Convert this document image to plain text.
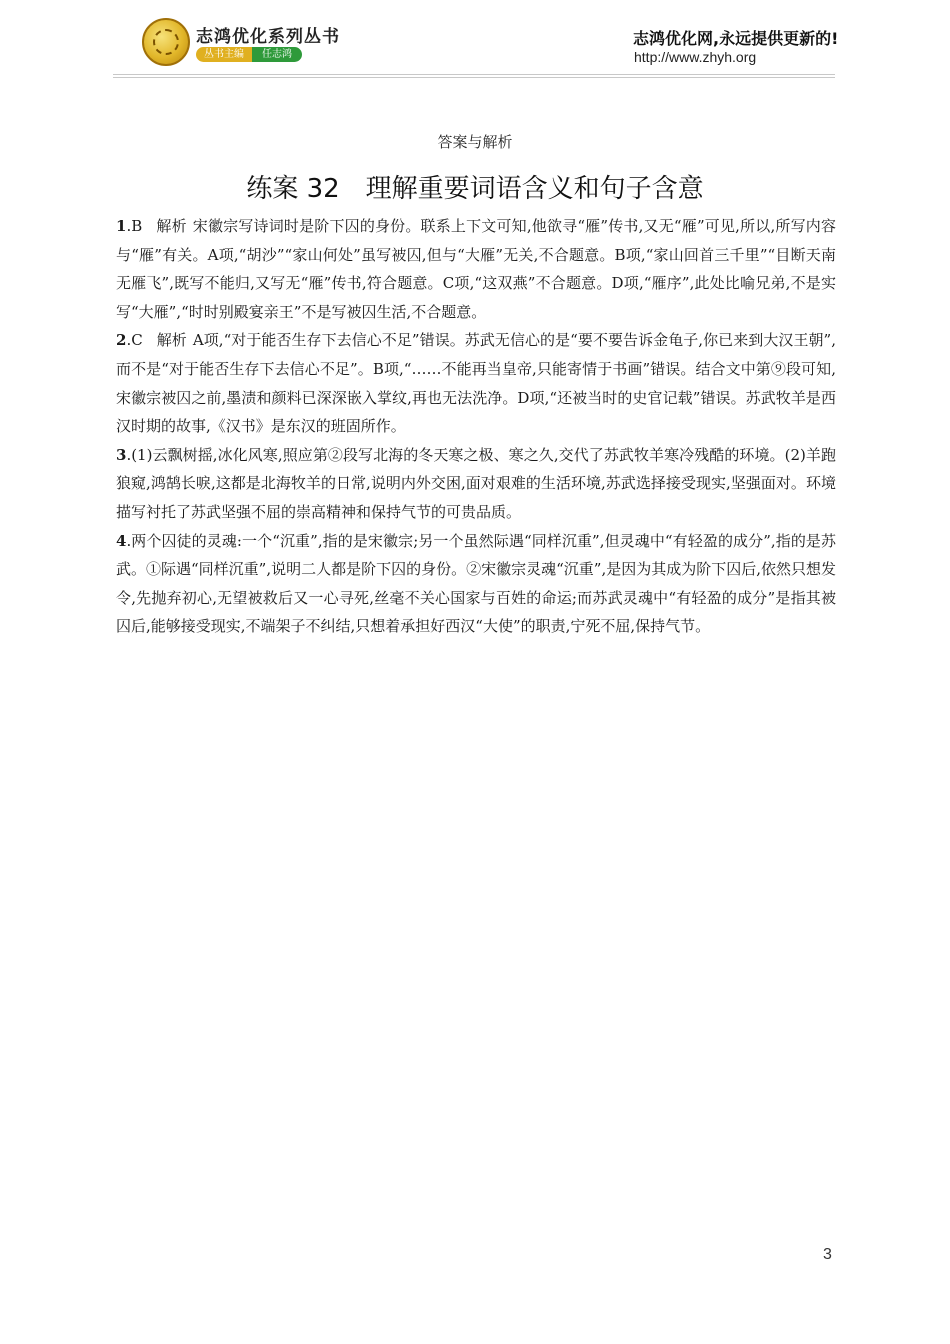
志鸿优化系列丛书
丛书主编	任志鸿
志鸿优化网,永远提供更新的!
http://www.zhyh.org
答案与解析
练案 32　理解重要词语含义和句子含意

1.B 解析 宋徽宗写诗词时是阶下囚的身份。联系上下文可知,他欲寻“雁”传书,又无“雁”可见,所以,所写内容与“雁”有关。A项,“胡沙”“家山何处”虽写被囚,但与“大雁”无关,不合题意。B项,“家山回首三千里”“目断天南无雁飞”,既写不能归,又写无“雁”传书,符合题意。C项,“这双燕”不合题意。D项,“雁序”,此处比喻兄弟,不是实写“大雁”,“时时别殿宴亲王”不是写被囚生活,不合题意。

2.C 解析 A项,“对于能否生存下去信心不足”错误。苏武无信心的是“要不要告诉金龟子,你已来到大汉王朝”,而不是“对于能否生存下去信心不足”。B项,“……不能再当皇帝,只能寄情于书画”错误。结合文中第⑨段可知,宋徽宗被囚之前,墨渍和颜料已深深嵌入掌纹,再也无法洗净。D项,“还被当时的史官记载”错误。苏武牧羊是西汉时期的故事,《汉书》是东汉的班固所作。

3.(1)云飘树摇,冰化风寒,照应第②段写北海的冬天寒之极、寒之久,交代了苏武牧羊寒冷残酷的环境。(2)羊跑狼窥,鸿鹄长唳,这都是北海牧羊的日常,说明内外交困,面对艰难的生活环境,苏武选择接受现实,坚强面对。环境描写衬托了苏武坚强不屈的崇高精神和保持气节的可贵品质。

4.两个囚徒的灵魂:一个“沉重”,指的是宋徽宗;另一个虽然际遇“同样沉重”,但灵魂中“有轻盈的成分”,指的是苏武。①际遇“同样沉重”,说明二人都是阶下囚的身份。②宋徽宗灵魂“沉重”,是因为其成为阶下囚后,依然只想发令,先抛弃初心,无望被救后又一心寻死,丝毫不关心国家与百姓的命运;而苏武灵魂中“有轻盈的成分”是指其被囚后,能够接受现实,不端架子不纠结,只想着承担好西汉“大使”的职责,宁死不屈,保持气节。

3
